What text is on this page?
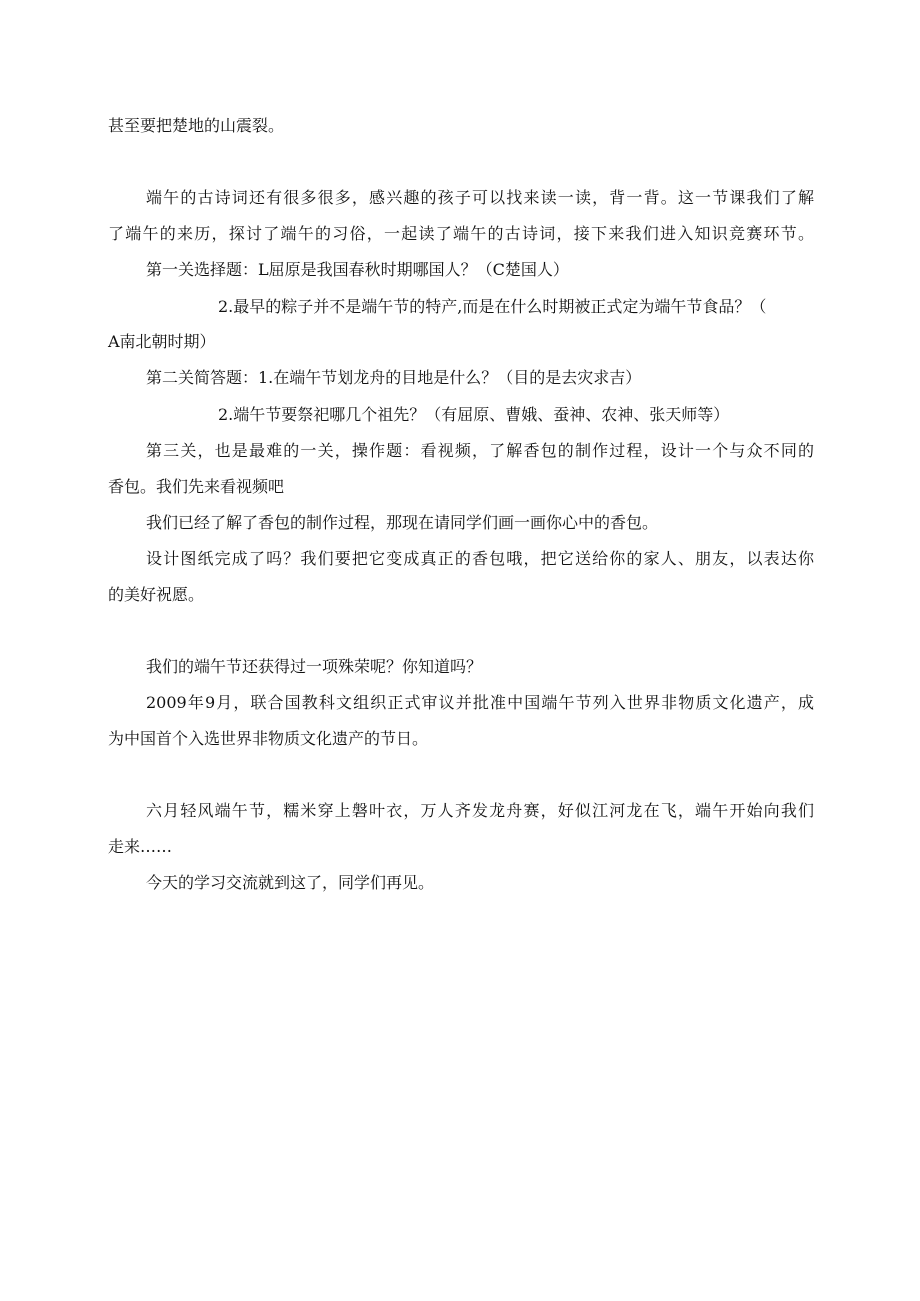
甚至要把楚地的山震裂。
端午的古诗词还有很多很多，感兴趣的孩子可以找来读一读，背一背。这一节课我们了解
了端午的来历，探讨了端午的习俗，一起读了端午的古诗词，接下来我们进入知识竞赛环节。
第一关选择题：L屈原是我国春秋时期哪国人？（C楚国人）
2.最早的粽子并不是端午节的特产,而是在什么时期被正式定为端午节食品？（
A南北朝时期）
第二关简答题：1.在端午节划龙舟的目地是什么？（目的是去灾求吉）
2.端午节要祭祀哪几个祖先？（有屈原、曹娥、蚕神、农神、张天师等）
第三关，也是最难的一关，操作题：看视频，了解香包的制作过程，设计一个与众不同的
香包。我们先来看视频吧
我们已经了解了香包的制作过程，那现在请同学们画一画你心中的香包。
设计图纸完成了吗？我们要把它变成真正的香包哦，把它送给你的家人、朋友，以表达你
的美好祝愿。
我们的端午节还获得过一项殊荣呢？你知道吗？
2009年9月，联合国教科文组织正式审议并批准中国端午节列入世界非物质文化遗产，成
为中国首个入选世界非物质文化遗产的节日。
六月轻风端午节，糯米穿上磐叶衣，万人齐发龙舟赛，好似江河龙在飞，端午开始向我们
走来……
今天的学习交流就到这了，同学们再见。
